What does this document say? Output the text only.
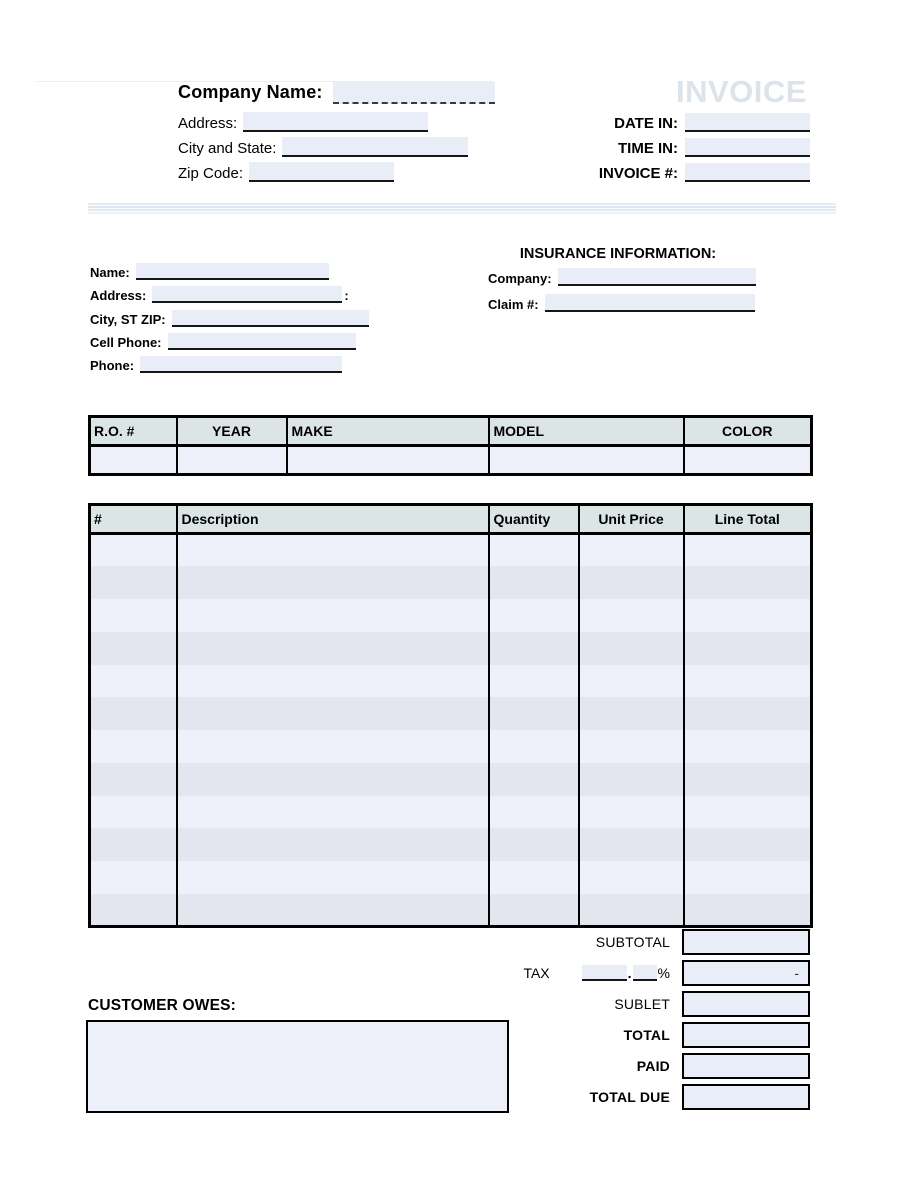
Company Name:	INVOICE
Address:
City and State:
Zip Code:
DATE IN:
TIME IN:
INVOICE #:
INSURANCE INFORMATION:
Company:
Claim #:
Name:
Address:	:
City, ST ZIP:
Cell Phone:
Phone:
R.O. #	YEAR	MAKE	MODEL	COLOR

#	Description	Quantity	Unit Price	Line Total

SUBTOTAL
TAX	. %	-
SUBLET
TOTAL
PAID
TOTAL DUE
CUSTOMER OWES:
